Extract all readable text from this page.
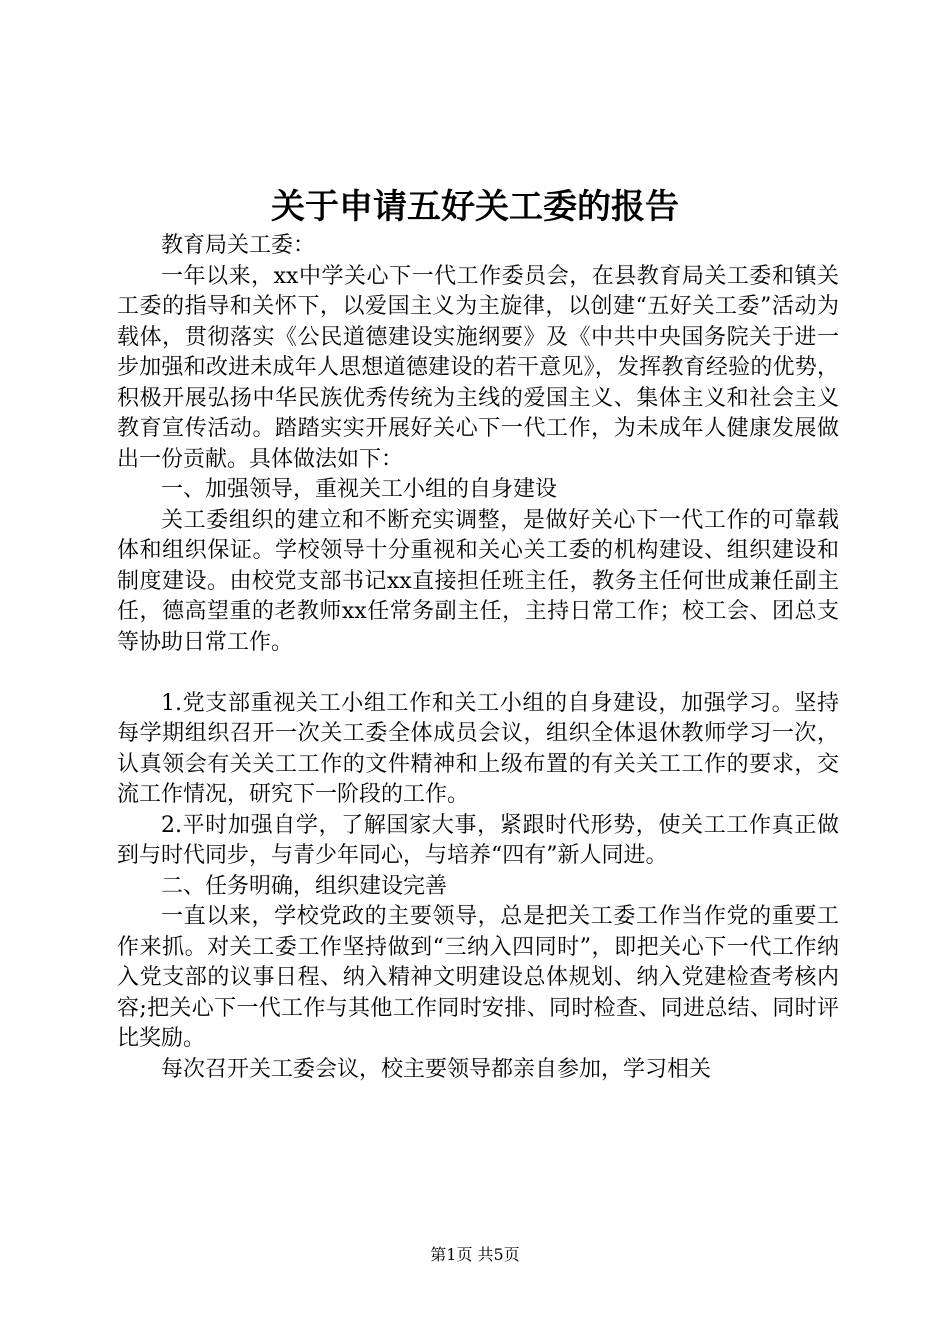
关于申请五好关工委的报告

教育局关工委：

一年以来，xx中学关心下一代工作委员会，在县教育局关工委和镇关工委的指导和关怀下，以爱国主义为主旋律，以创建“五好关工委”活动为载体，贯彻落实《公民道德建设实施纲要》及《中共中央国务院关于进一步加强和改进未成年人思想道德建设的若干意见》，发挥教育经验的优势，积极开展弘扬中华民族优秀传统为主线的爱国主义、集体主义和社会主义教育宣传活动。踏踏实实开展好关心下一代工作，为未成年人健康发展做出一份贡献。具体做法如下：

一、加强领导，重视关工小组的自身建设

关工委组织的建立和不断充实调整，是做好关心下一代工作的可靠载体和组织保证。学校领导十分重视和关心关工委的机构建设、组织建设和制度建设。由校党支部书记xx直接担任班主任，教务主任何世成兼任副主任，德高望重的老教师xx任常务副主任，主持日常工作；校工会、团总支等协助日常工作。

1.党支部重视关工小组工作和关工小组的自身建设，加强学习。坚持每学期组织召开一次关工委全体成员会议，组织全体退休教师学习一次，认真领会有关关工工作的文件精神和上级布置的有关关工工作的要求，交流工作情况，研究下一阶段的工作。

2.平时加强自学，了解国家大事，紧跟时代形势，使关工工作真正做到与时代同步，与青少年同心，与培养“四有”新人同进。

二、任务明确，组织建设完善

一直以来，学校党政的主要领导，总是把关工委工作当作党的重要工作来抓。对关工委工作坚持做到“三纳入四同时”，即把关心下一代工作纳入党支部的议事日程、纳入精神文明建设总体规划、纳入党建检查考核内容;把关心下一代工作与其他工作同时安排、同时检查、同进总结、同时评比奖励。

每次召开关工委会议，校主要领导都亲自参加，学习相关

第1页 共5页
